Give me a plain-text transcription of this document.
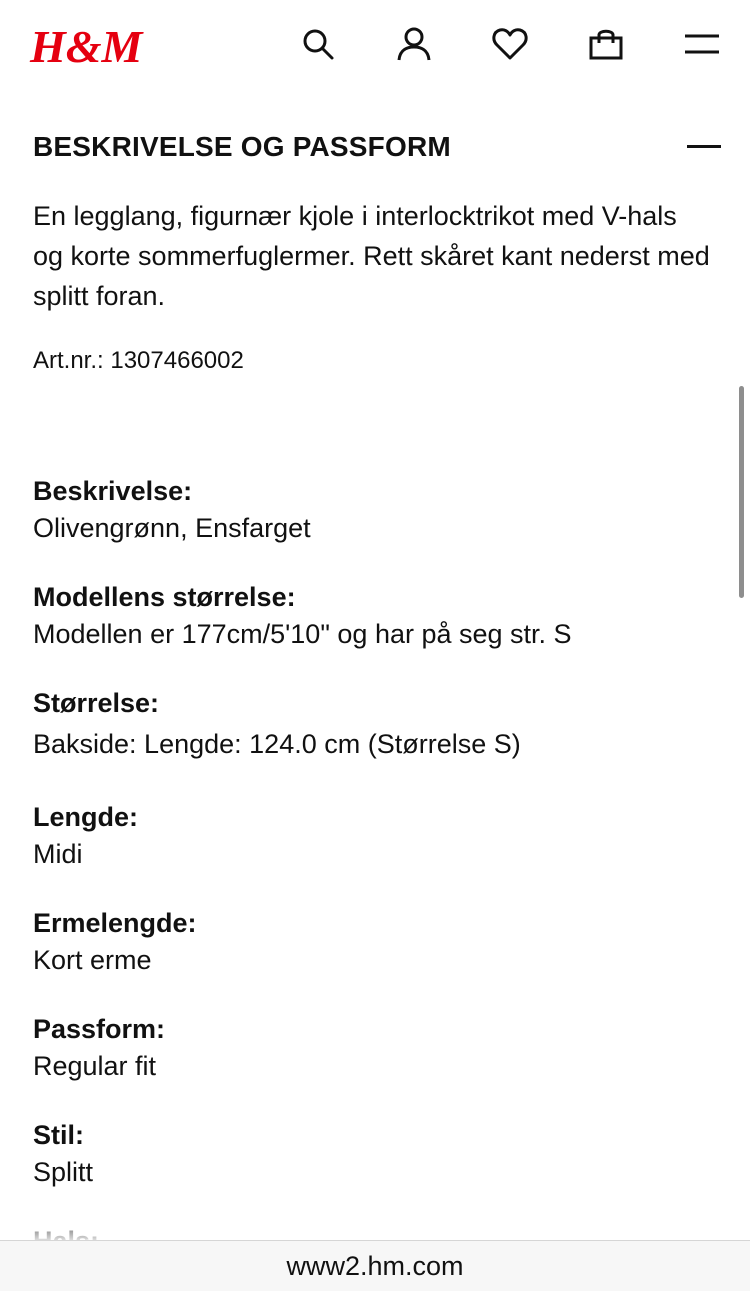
H&M
BESKRIVELSE OG PASSFORM
En legglang, figurnær kjole i interlocktrikot med V-hals og korte sommerfuglermer. Rett skåret kant nederst med splitt foran.
Art.nr.: 1307466002
Beskrivelse:
Olivengrønn, Ensfarget
Modellens størrelse:
Modellen er 177cm/5'10" og har på seg str. S
Størrelse:
Bakside: Lengde: 124.0 cm (Størrelse S)
Lengde:
Midi
Ermelengde:
Kort erme
Passform:
Regular fit
Stil:
Splitt
www2.hm.com
